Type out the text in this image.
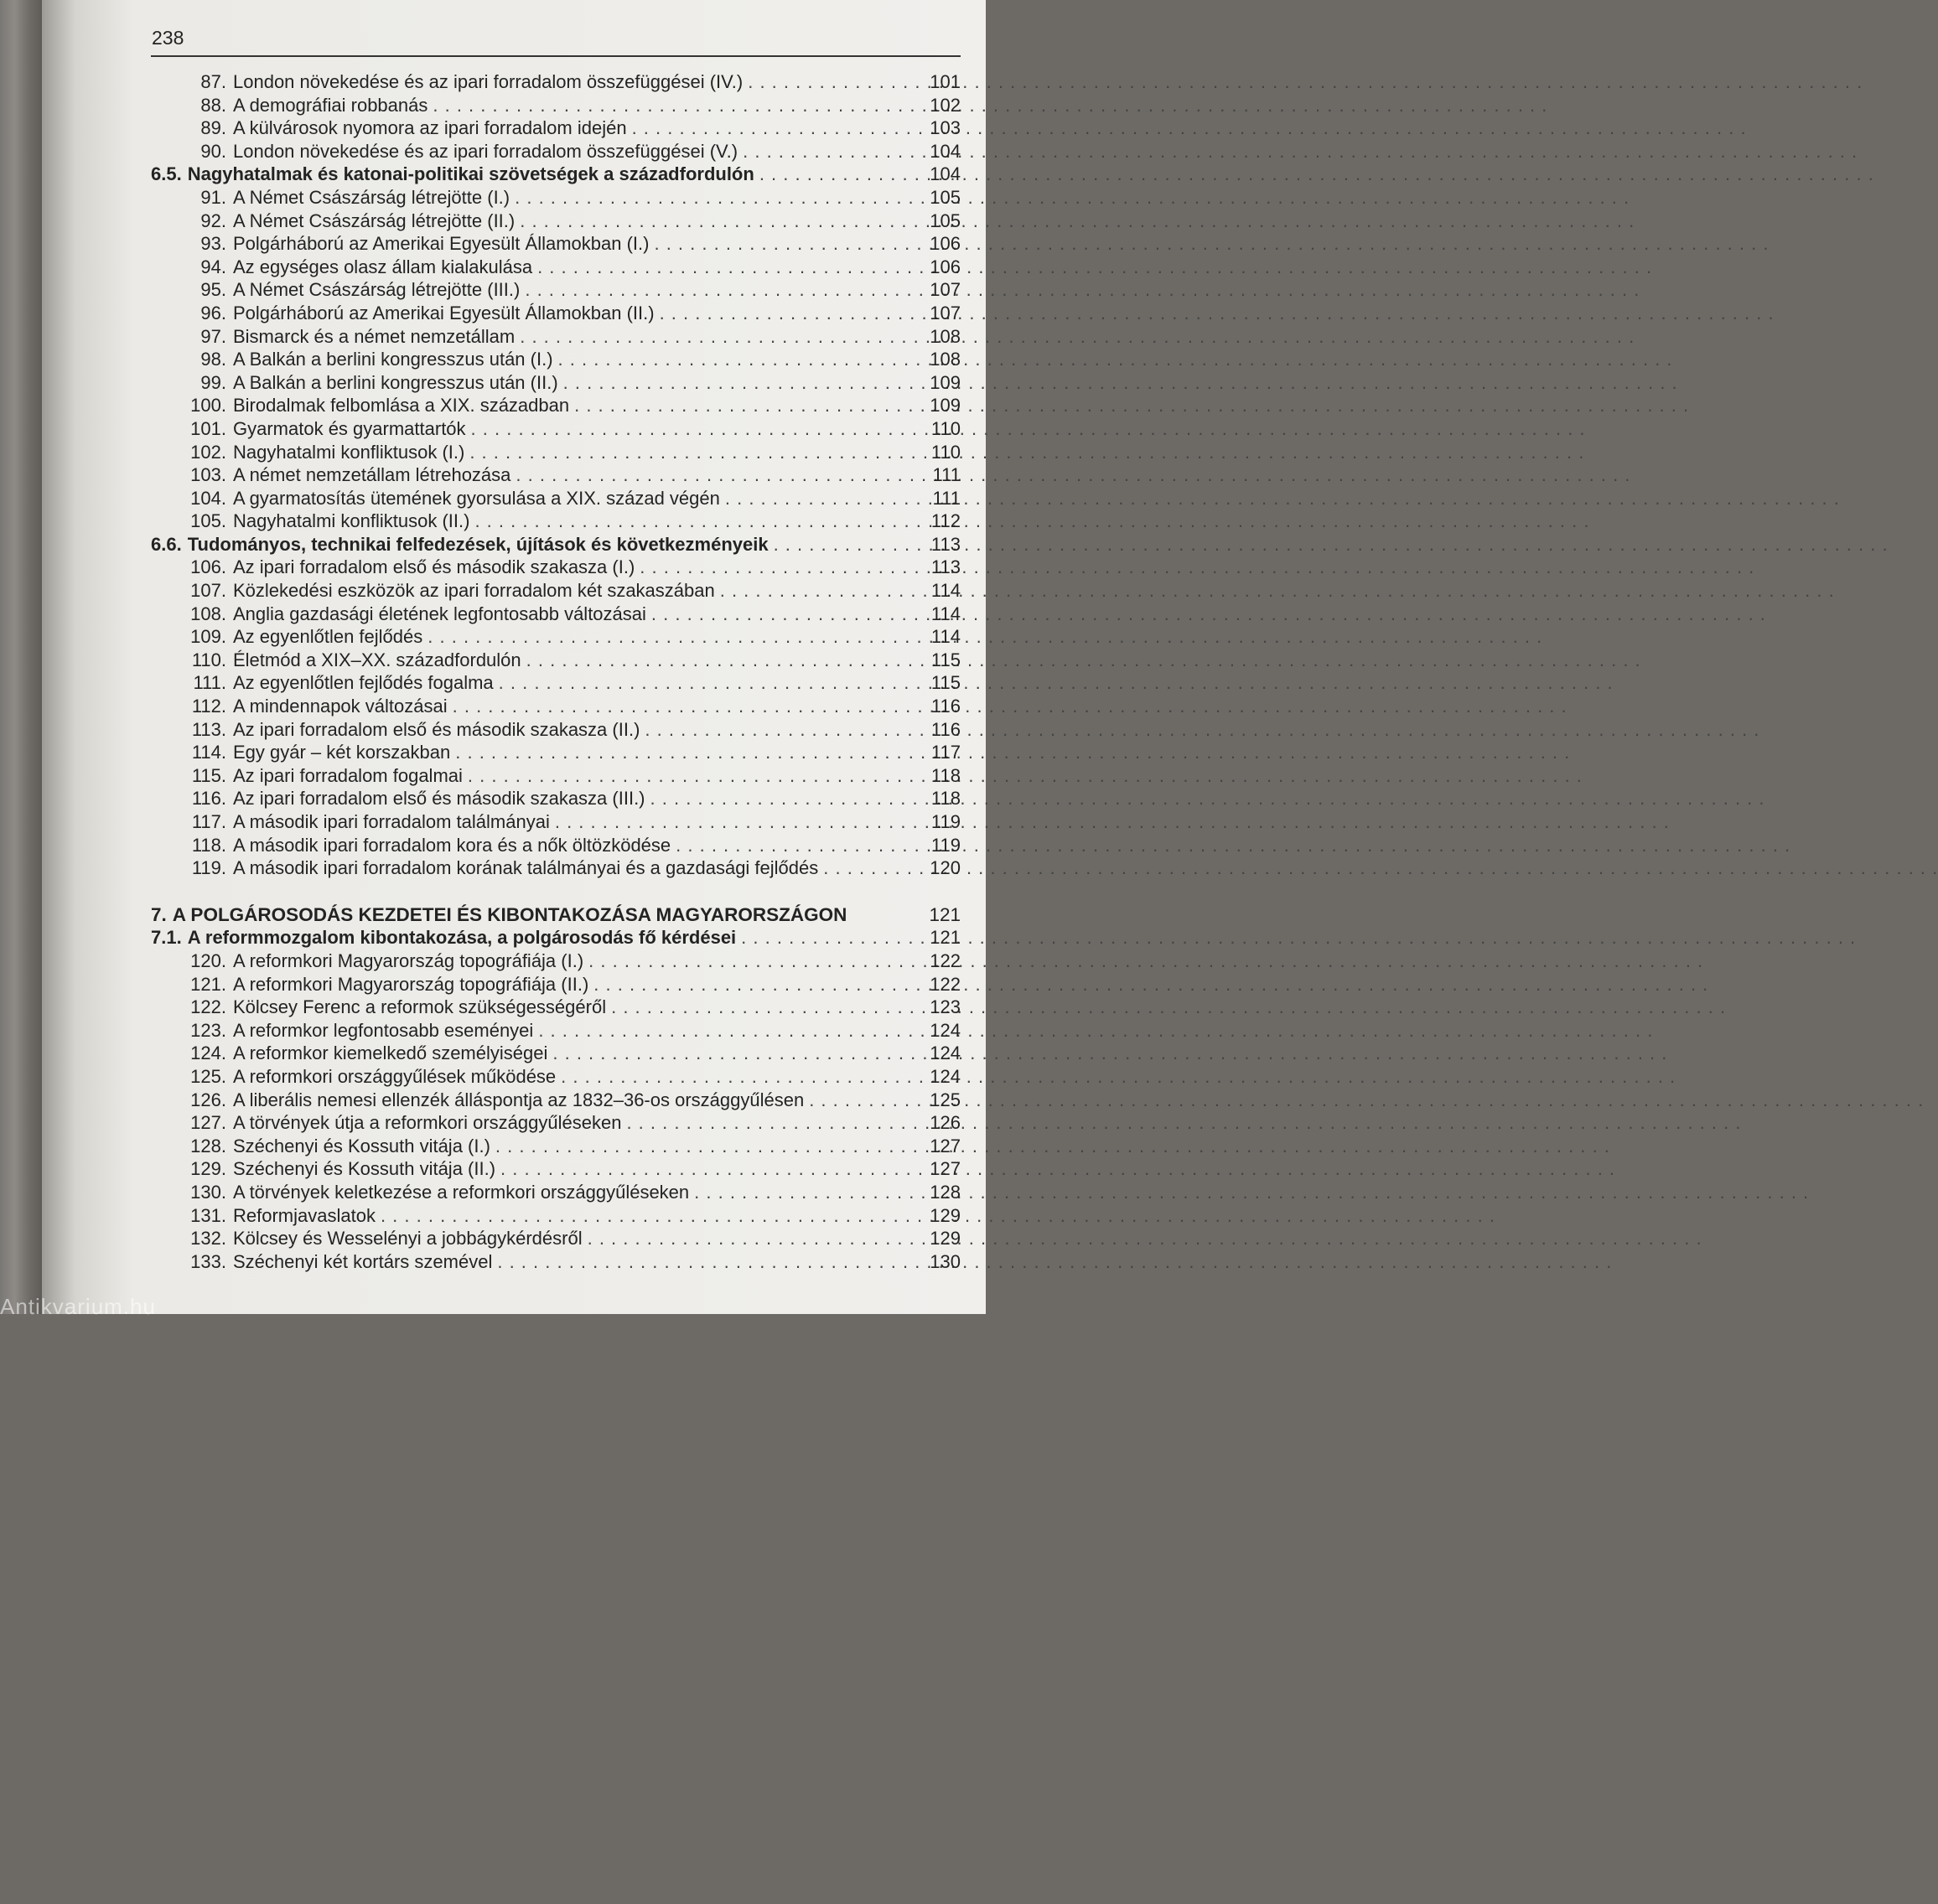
238
87. London növekedése és az ipari forradalom összefüggései (IV.) . . .	101
88. A demográfiai robbanás . . .	102
89. A külvárosok nyomora az ipari forradalom idején . . .	103
90. London növekedése és az ipari forradalom összefüggései (V.) . . .	104
6.5. Nagyhatalmak és katonai-politikai szövetségek a századfordulón . . .	104
91. A Német Császárság létrejötte (I.) . . .	105
92. A Német Császárság létrejötte (II.) . . .	105
93. Polgárháború az Amerikai Egyesült Államokban (I.) . . .	106
94. Az egységes olasz állam kialakulása . . .	106
95. A Német Császárság létrejötte (III.) . . .	107
96. Polgárháború az Amerikai Egyesült Államokban (II.) . . .	107
97. Bismarck és a német nemzetállam . . .	108
98. A Balkán a berlini kongresszus után (I.) . . .	108
99. A Balkán a berlini kongresszus után (II.) . . .	109
100. Birodalmak felbomlása a XIX. században . . .	109
101. Gyarmatok és gyarmattartók . . .	110
102. Nagyhatalmi konfliktusok (I.) . . .	110
103. A német nemzetállam létrehozása . . .	111
104. A gyarmatosítás ütemének gyorsulása a XIX. század végén . . .	111
105. Nagyhatalmi konfliktusok (II.) . . .	112
6.6. Tudományos, technikai felfedezések, újítások és következményeik . . .	113
106. Az ipari forradalom első és második szakasza (I.) . . .	113
107. Közlekedési eszközök az ipari forradalom két szakaszában . . .	114
108. Anglia gazdasági életének legfontosabb változásai . . .	114
109. Az egyenlőtlen fejlődés . . .	114
110. Életmód a XIX–XX. századfordulón . . .	115
111. Az egyenlőtlen fejlődés fogalma . . .	115
112. A mindennapok változásai . . .	116
113. Az ipari forradalom első és második szakasza (II.) . . .	116
114. Egy gyár – két korszakban . . .	117
115. Az ipari forradalom fogalmai . . .	118
116. Az ipari forradalom első és második szakasza (III.) . . .	118
117. A második ipari forradalom találmányai . . .	119
118. A második ipari forradalom kora és a nők öltözködése . . .	119
119. A második ipari forradalom korának találmányai és a gazdasági fejlődés . . .	120
7. A POLGÁROSODÁS KEZDETEI ÉS KIBONTAKOZÁSA MAGYARORSZÁGON	121
7.1. A reformmozgalom kibontakozása, a polgárosodás fő kérdései . . .	121
120. A reformkori Magyarország topográfiája (I.) . . .	122
121. A reformkori Magyarország topográfiája (II.) . . .	122
122. Kölcsey Ferenc a reformok szükségességéről . . .	123
123. A reformkor legfontosabb eseményei . . .	124
124. A reformkor kiemelkedő személyiségei . . .	124
125. A reformkori országgyűlések működése . . .	124
126. A liberális nemesi ellenzék álláspontja az 1832–36-os országgyűlésen . . .	125
127. A törvények útja a reformkori országgyűléseken . . .	126
128. Széchenyi és Kossuth vitája (I.) . . .	127
129. Széchenyi és Kossuth vitája (II.) . . .	127
130. A törvények keletkezése a reformkori országgyűléseken . . .	128
131. Reformjavaslatok . . .	129
132. Kölcsey és Wesselényi a jobbágykérdésről . . .	129
133. Széchenyi két kortárs szemével . . .	130
Antikvarium.hu
